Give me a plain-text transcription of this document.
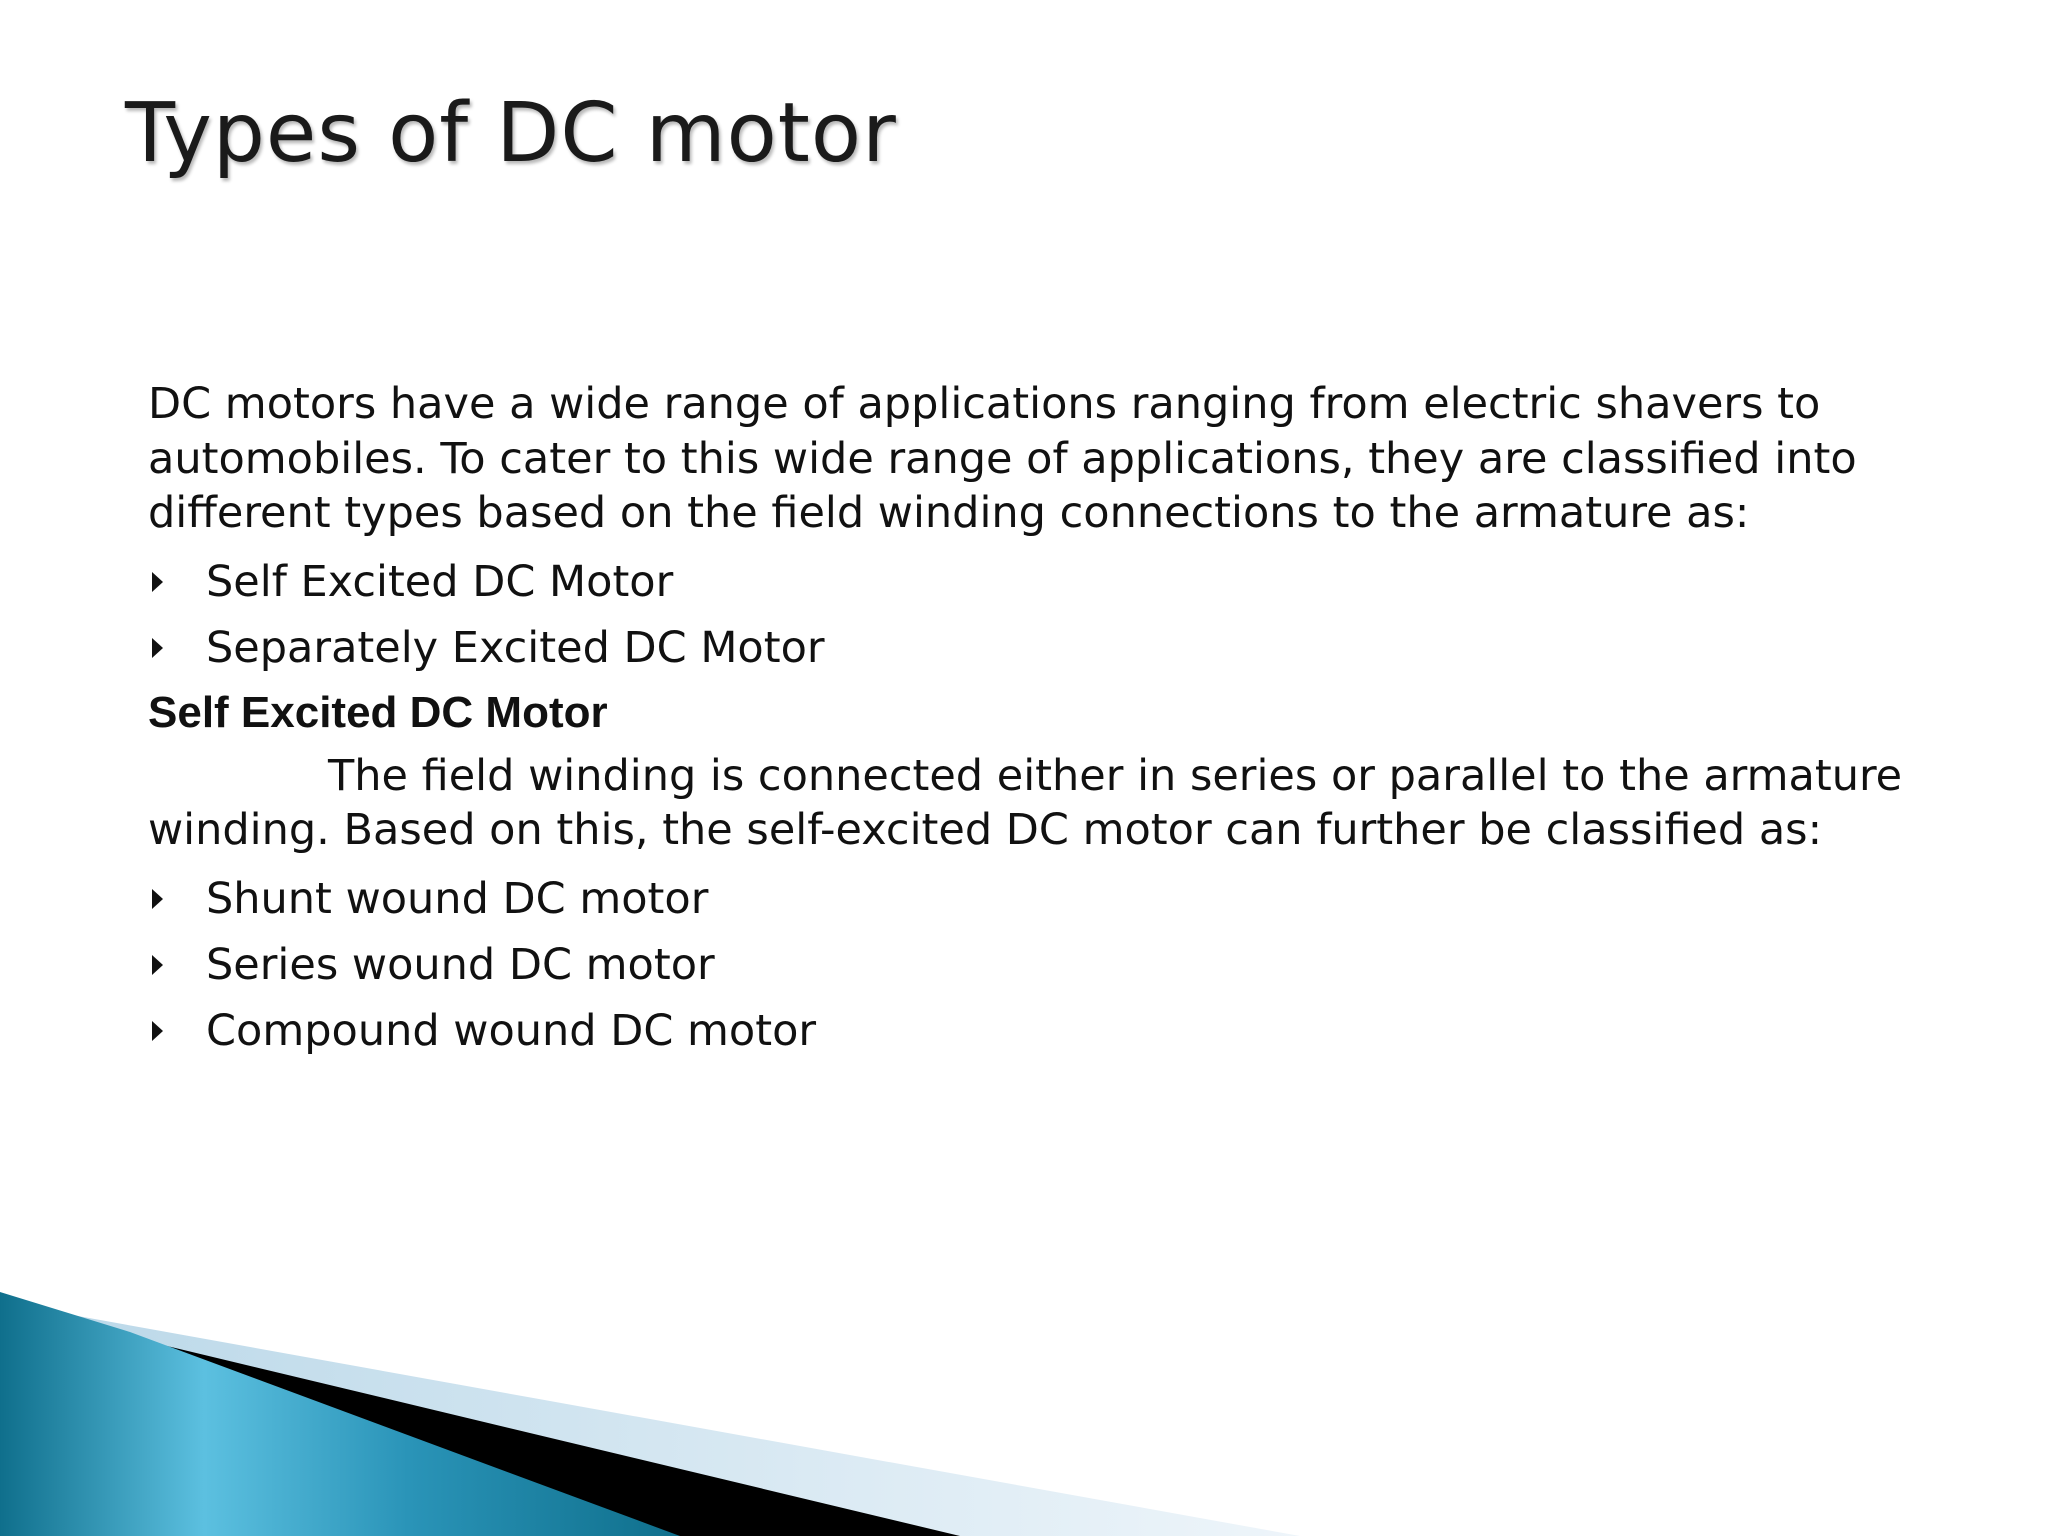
Types of DC motor

DC motors have a wide range of applications ranging from electric shavers to automobiles. To cater to this wide range of applications, they are classified into different types based on the field winding connections to the armature as:

Self Excited DC Motor
Separately Excited DC Motor

Self Excited DC Motor

The field winding is connected either in series or parallel to the armature winding. Based on this, the self-excited DC motor can further be classified as:

Shunt wound DC motor
Series wound DC motor
Compound wound DC motor
